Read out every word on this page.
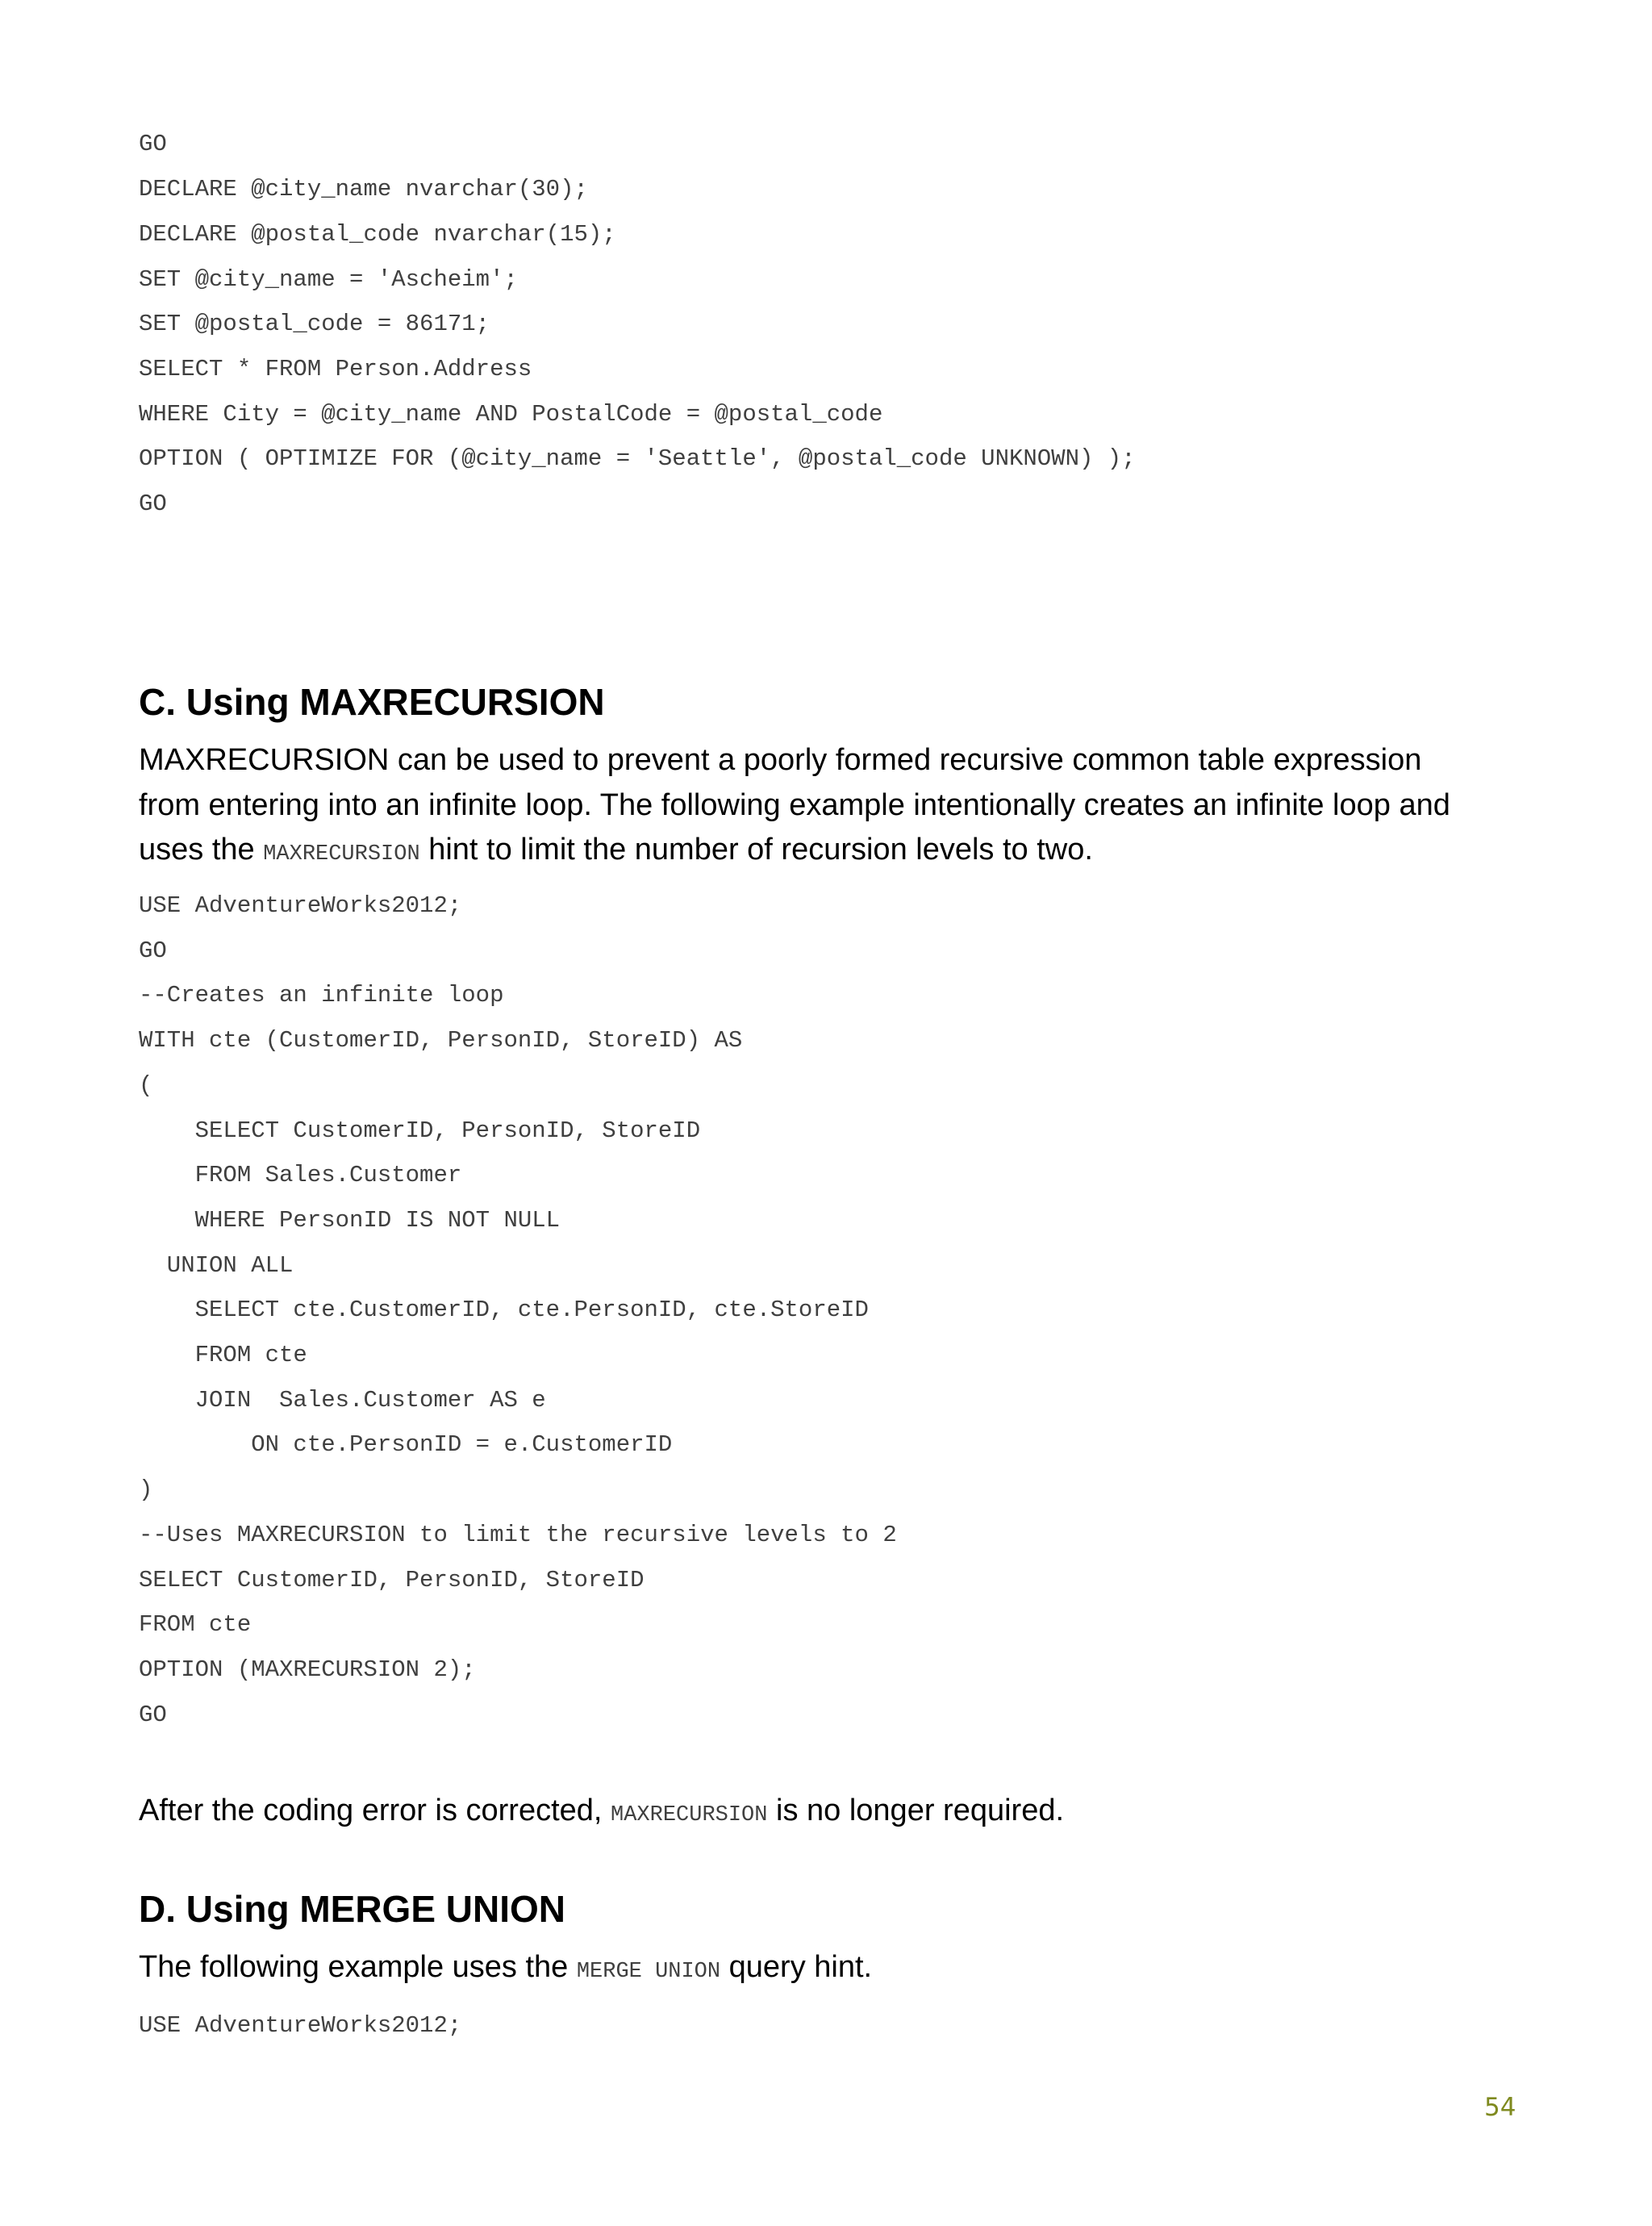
GO
DECLARE @city_name nvarchar(30);
DECLARE @postal_code nvarchar(15);
SET @city_name = 'Ascheim';
SET @postal_code = 86171;
SELECT * FROM Person.Address
WHERE City = @city_name AND PostalCode = @postal_code
OPTION ( OPTIMIZE FOR (@city_name = 'Seattle', @postal_code UNKNOWN) );
GO
C. Using MAXRECURSION

MAXRECURSION can be used to prevent a poorly formed recursive common table expression

from entering into an infinite loop. The following example intentionally creates an infinite loop and

uses the MAXRECURSION hint to limit the number of recursion levels to two.

USE AdventureWorks2012;
GO
--Creates an infinite loop
WITH cte (CustomerID, PersonID, StoreID) AS
(
SELECT CustomerID, PersonID, StoreID
FROM Sales.Customer
WHERE PersonID IS NOT NULL
UNION ALL
SELECT cte.CustomerID, cte.PersonID, cte.StoreID
FROM cte
JOIN  Sales.Customer AS e
ON cte.PersonID = e.CustomerID
)
--Uses MAXRECURSION to limit the recursive levels to 2
SELECT CustomerID, PersonID, StoreID
FROM cte
OPTION (MAXRECURSION 2);
GO

After the coding error is corrected, MAXRECURSION is no longer required.

D. Using MERGE UNION

The following example uses the MERGE UNION query hint.

USE AdventureWorks2012;
54
